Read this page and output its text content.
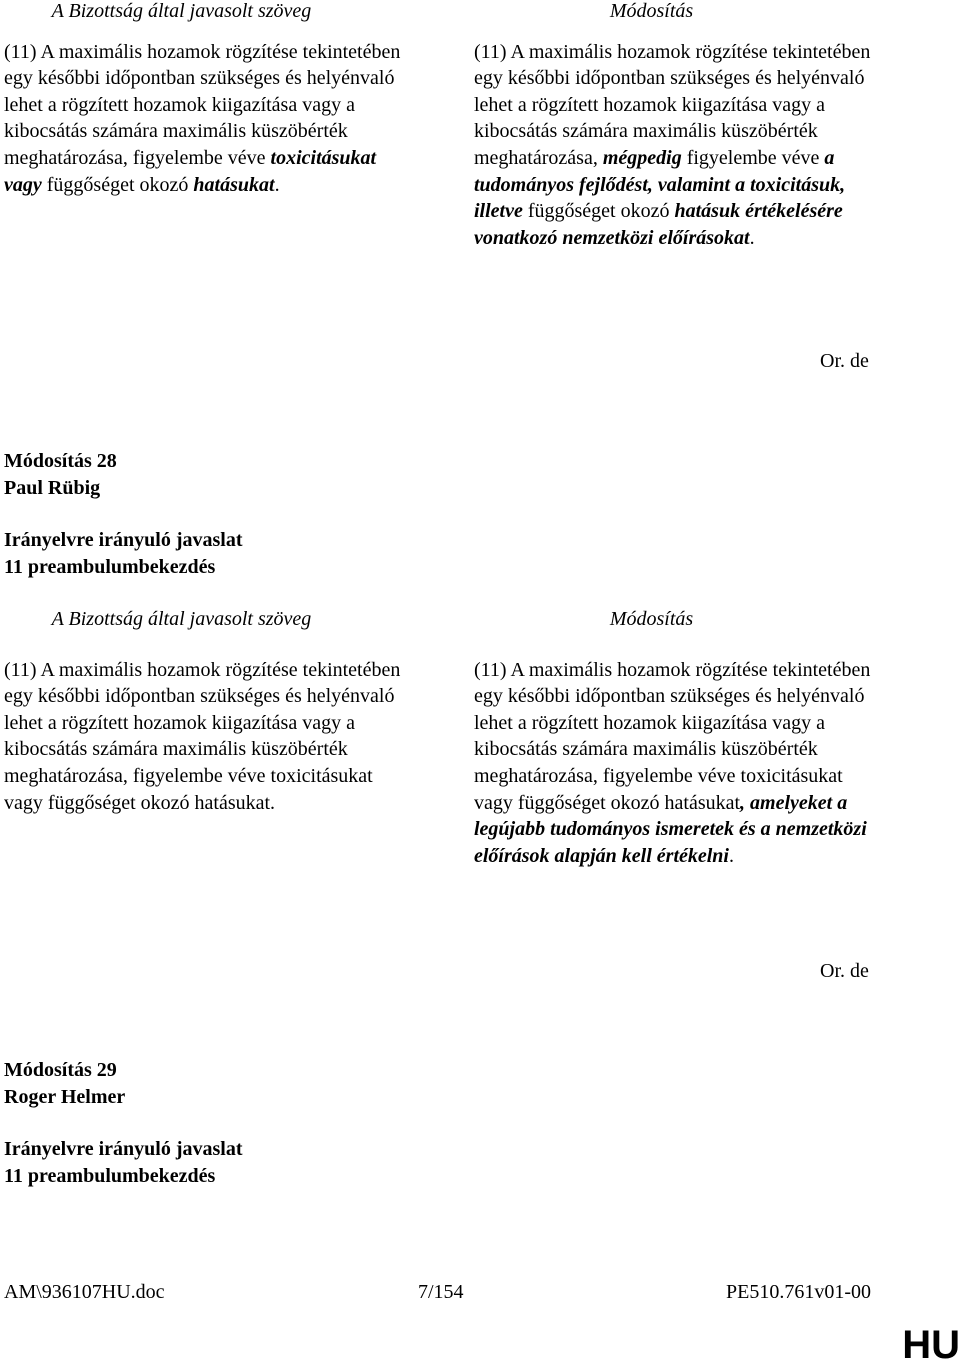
A Bizottság által javasolt szöveg

(11) A maximális hozamok rögzítése tekintetében egy későbbi időpontban szükséges és helyénvaló lehet a rögzített hozamok kiigazítása vagy a kibocsátás számára maximális küszöbérték meghatározása, figyelembe véve toxicitásukat vagy függőséget okozó hatásukat.

Módosítás

(11) A maximális hozamok rögzítése tekintetében egy későbbi időpontban szükséges és helyénvaló lehet a rögzített hozamok kiigazítása vagy a kibocsátás számára maximális küszöbérték meghatározása, mégpedig figyelembe véve a tudományos fejlődést, valamint a toxicitásuk, illetve függőséget okozó hatásuk értékelésére vonatkozó nemzetközi előírásokat.

Or. de
Módosítás 28
Paul Rübig
Irányelvre irányuló javaslat
11 preambulumbekezdés
A Bizottság által javasolt szöveg

(11) A maximális hozamok rögzítése tekintetében egy későbbi időpontban szükséges és helyénvaló lehet a rögzített hozamok kiigazítása vagy a kibocsátás számára maximális küszöbérték meghatározása, figyelembe véve toxicitásukat vagy függőséget okozó hatásukat.

Módosítás

(11) A maximális hozamok rögzítése tekintetében egy későbbi időpontban szükséges és helyénvaló lehet a rögzített hozamok kiigazítása vagy a kibocsátás számára maximális küszöbérték meghatározása, figyelembe véve toxicitásukat vagy függőséget okozó hatásukat, amelyeket a legújabb tudományos ismeretek és a nemzetközi előírások alapján kell értékelni.

Or. de
Módosítás 29
Roger Helmer
Irányelvre irányuló javaslat
11 preambulumbekezdés
AM\936107HU.doc	7/154	PE510.761v01-00
HU
